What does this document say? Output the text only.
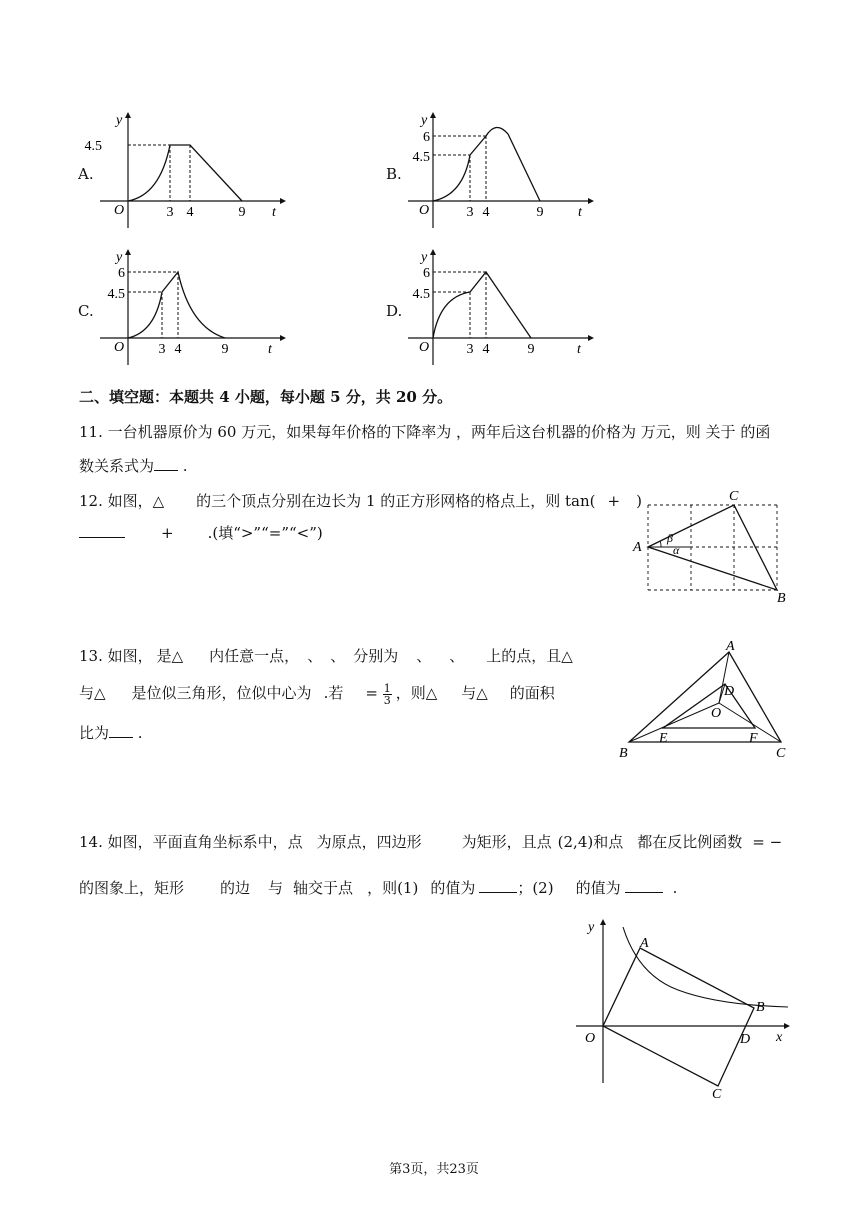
A.
y
4.5
O	3 4	9 t
B.
y
6
4.5
O	3 4	9 t
C.
y
6
4.5
O 3 4	9	t
D.
y
6
4.5
O	3 4	9	t
二、填空题：本题共 4 小题，每小题 5 分，共 20 分。
11. 一台机器原价为 60 万元，如果每年价格的下降率为 ，两年后这台机器的价格为 万元，则 关于 的函
数关系式为 .
12. 如图，△ 的三个顶点分别在边长为 1 的正方形网格的格点上，则 tan( + )
+ .(填“>”“=”“<”)
A
C
B
β
α
13. 如图， 是△ 内任意一点， 、 、 分别为 、 、 上的点，且△
与△ 是位似三角形，位似中心为 .若 = $\frac{1}{3}$ ，则△ 与△ 的面积
比为 .
A
B	C
D
O
E	F
14. 如图，平面直角坐标系中，点 为原点，四边形	为矩形，且点 (2,4)和点 都在反比例函数 = −
的图象上，矩形 的边 与 轴交于点 ，则(1) 的值为	；(2) 的值为	.
y
x
O
A
B
D
C
第3页，共23页
